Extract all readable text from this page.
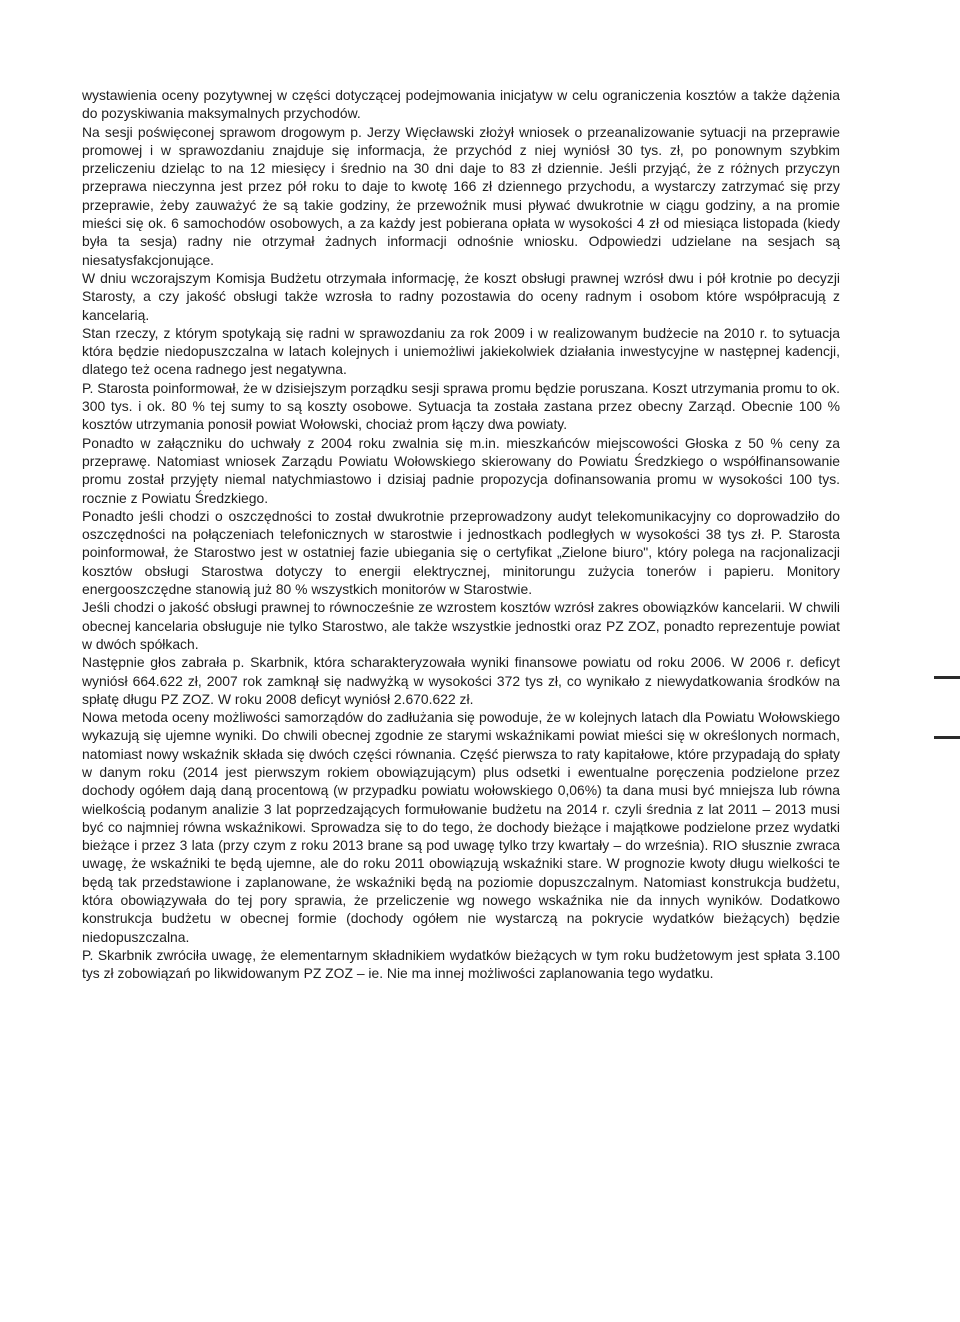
wystawienia oceny pozytywnej w części dotyczącej podejmowania inicjatyw w celu ograniczenia kosztów a także dążenia do pozyskiwania maksymalnych przychodów.

Na sesji poświęconej sprawom drogowym p. Jerzy Więcławski złożył wniosek o przeanalizowanie sytuacji na przeprawie promowej i w sprawozdaniu znajduje się informacja, że przychód z niej wyniósł 30 tys. zł, po ponownym szybkim przeliczeniu dzieląc to na 12 miesięcy i średnio na 30 dni daje to 83 zł dziennie. Jeśli przyjąć, że z różnych przyczyn przeprawa nieczynna jest przez pół roku to daje to kwotę 166 zł dziennego przychodu, a wystarczy zatrzymać się przy przeprawie, żeby zauważyć że są takie godziny, że przewoźnik musi pływać dwukrotnie w ciągu godziny, a na promie mieści się ok. 6 samochodów osobowych, a za każdy jest pobierana opłata w wysokości 4 zł od miesiąca listopada (kiedy była ta sesja) radny nie otrzymał żadnych informacji odnośnie wniosku. Odpowiedzi udzielane na sesjach są niesatysfakcjonujące.

W dniu wczorajszym Komisja Budżetu otrzymała informację, że koszt obsługi prawnej wzrósł dwu i pół krotnie po decyzji Starosty, a czy jakość obsługi także wzrosła to radny pozostawia do oceny radnym i osobom które współpracują z kancelarią.

Stan rzeczy, z którym spotykają się radni w sprawozdaniu za rok 2009 i w realizowanym budżecie na 2010 r. to sytuacja która będzie niedopuszczalna w latach kolejnych i uniemożliwi jakiekolwiek działania inwestycyjne w następnej kadencji, dlatego też ocena radnego jest negatywna.

P. Starosta poinformował, że w dzisiejszym porządku sesji sprawa promu będzie poruszana. Koszt utrzymania promu to ok. 300 tys. i ok. 80 % tej sumy to są koszty osobowe. Sytuacja ta została zastana przez obecny Zarząd. Obecnie 100 % kosztów utrzymania ponosił powiat Wołowski, chociaż prom łączy dwa powiaty.

Ponadto w załączniku do uchwały z 2004 roku zwalnia się m.in. mieszkańców miejscowości Głoska z 50 % ceny za przeprawę. Natomiast wniosek Zarządu Powiatu Wołowskiego skierowany do Powiatu Średzkiego o współfinansowanie promu został przyjęty niemal natychmiastowo i dzisiaj padnie propozycja dofinansowania promu w wysokości 100 tys. rocznie z Powiatu Średzkiego.

Ponadto jeśli chodzi o oszczędności to został dwukrotnie przeprowadzony audyt telekomunikacyjny co doprowadziło do oszczędności na połączeniach telefonicznych w starostwie i jednostkach podległych w wysokości 38 tys zł. P. Starosta poinformował, że Starostwo jest w ostatniej fazie ubiegania się o certyfikat „Zielone biuro", który polega na racjonalizacji kosztów obsługi Starostwa dotyczy to energii elektrycznej, minitorungu zużycia tonerów i papieru. Monitory energooszczędne stanowią już 80 % wszystkich monitorów w Starostwie.

Jeśli chodzi o jakość obsługi prawnej to równocześnie ze wzrostem kosztów wzrósł zakres obowiązków kancelarii. W chwili obecnej kancelaria obsługuje nie tylko Starostwo, ale także wszystkie jednostki oraz PZ ZOZ, ponadto reprezentuje powiat w dwóch spółkach.

Następnie głos zabrała p. Skarbnik, która scharakteryzowała wyniki finansowe powiatu od roku 2006. W 2006 r. deficyt wyniósł 664.622 zł, 2007 rok zamknął się nadwyżką w wysokości 372 tys zł, co wynikało z niewydatkowania środków na spłatę długu PZ ZOZ. W roku 2008 deficyt wyniósł 2.670.622 zł.

Nowa metoda oceny możliwości samorządów do zadłużania się powoduje, że w kolejnych latach dla Powiatu Wołowskiego wykazują się ujemne wyniki. Do chwili obecnej zgodnie ze starymi wskaźnikami powiat mieści się w określonych normach, natomiast nowy wskaźnik składa się dwóch części równania. Część pierwsza to raty kapitałowe, które przypadają do spłaty w danym roku (2014 jest pierwszym rokiem obowiązującym) plus odsetki i ewentualne poręczenia podzielone przez dochody ogółem dają daną procentową (w przypadku powiatu wołowskiego 0,06%) ta dana musi być mniejsza lub równa wielkością podanym analizie 3 lat poprzedzających formułowanie budżetu na 2014 r. czyli średnia z lat 2011 – 2013 musi być co najmniej równa wskaźnikowi. Sprowadza się to do tego, że dochody bieżące i majątkowe podzielone przez wydatki bieżące i przez 3 lata (przy czym z roku 2013 brane są pod uwagę tylko trzy kwartały – do września). RIO słusznie zwraca uwagę, że wskaźniki te będą ujemne, ale do roku 2011 obowiązują wskaźniki stare. W prognozie kwoty długu wielkości te będą tak przedstawione i zaplanowane, że wskaźniki będą na poziomie dopuszczalnym. Natomiast konstrukcja budżetu, która obowiązywała do tej pory sprawia, że przeliczenie wg nowego wskaźnika nie da innych wyników. Dodatkowo konstrukcja budżetu w obecnej formie (dochody ogółem nie wystarczą na pokrycie wydatków bieżących) będzie niedopuszczalna.

P. Skarbnik zwróciła uwagę, że elementarnym składnikiem wydatków bieżących w tym roku budżetowym jest spłata 3.100 tys zł zobowiązań po likwidowanym PZ ZOZ – ie. Nie ma innej możliwości zaplanowania tego wydatku.
